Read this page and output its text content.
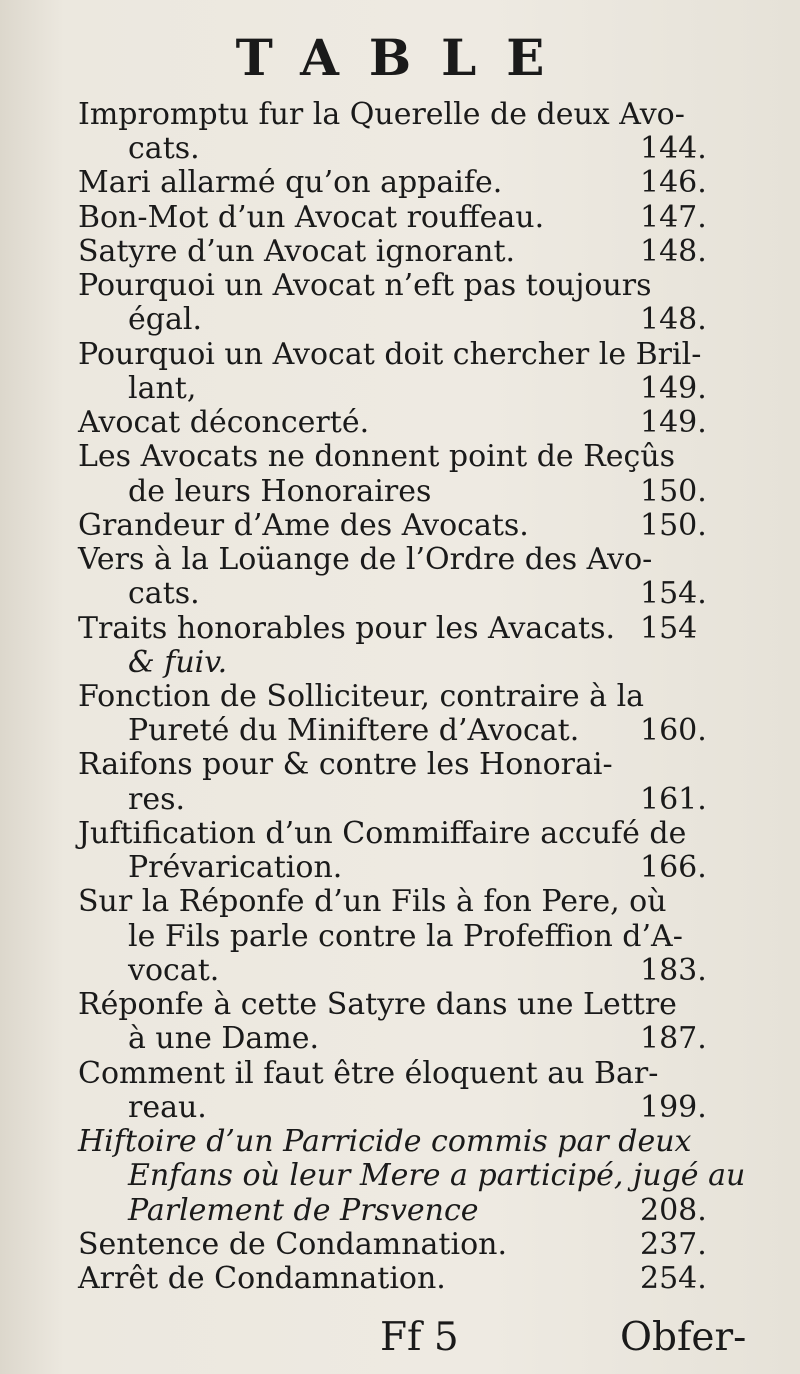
TABLE
Impromptu fur la Querelle de deux Avo-
cats.	144.
Mari allarmé qu’on appaife.	146.
Bon-Mot d’un Avocat rouffeau.	147.
Satyre d’un Avocat ignorant.	148.
Pourquoi un Avocat n’eft pas toujours
égal.	148.
Pourquoi un Avocat doit chercher le Bril-
lant,	149.
Avocat déconcerté.	149.
Les Avocats ne donnent point de Reçûs
de leurs Honoraires	150.
Grandeur d’Ame des Avocats.	150.
Vers à la Loüange de l’Ordre des Avo-
cats.	154.
Traits honorables pour les Avacats. 154
& fuiv.
Fonction de Solliciteur, contraire à la
Pureté du Miniftere d’Avocat. 160.
Raifons pour & contre les Honorai-
res.	161.
Juftification d’un Commiffaire accufé de
Prévarication.	166.
Sur la Réponfe d’un Fils à fon Pere, où
le Fils parle contre la Profeffion d’A-
vocat.	183.
Réponfe à cette Satyre dans une Lettre
à une Dame.	187.
Comment il faut être éloquent au Bar-
reau.	199.
Hiftoire d’un Parricide commis par deux
Enfans où leur Mere a participé, jugé au
Parlement de Prsvence	208.
Sentence de Condamnation.	237.
Arrêt de Condamnation.	254.
Ff 5	Obfer-
